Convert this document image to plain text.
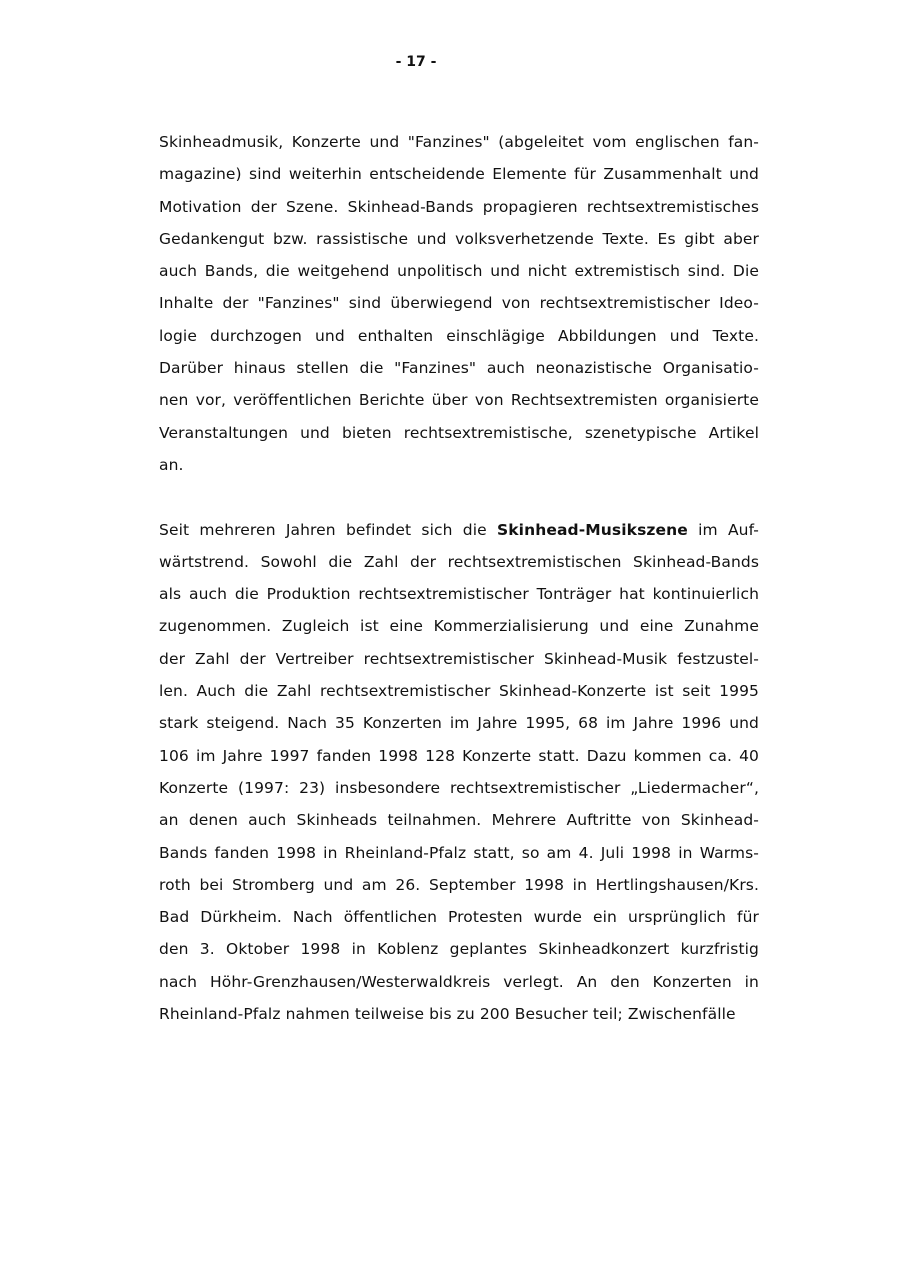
- 17 -
Skinheadmusik, Konzerte und "Fanzines" (abgeleitet vom englischen fan-
magazine) sind weiterhin entscheidende Elemente für Zusammenhalt und
Motivation der Szene. Skinhead-Bands propagieren rechtsextremistisches
Gedankengut bzw. rassistische und volksverhetzende Texte. Es gibt aber
auch Bands, die weitgehend unpolitisch und nicht extremistisch sind. Die
Inhalte der "Fanzines" sind überwiegend von rechtsextremistischer Ideo-
logie durchzogen und enthalten einschlägige Abbildungen und Texte.
Darüber hinaus stellen die "Fanzines" auch neonazistische Organisatio-
nen vor, veröffentlichen Berichte über von Rechtsextremisten organisierte
Veranstaltungen und bieten rechtsextremistische, szenetypische Artikel
an.
Seit mehreren Jahren befindet sich die Skinhead-Musikszene im Auf-
wärtstrend. Sowohl die Zahl der rechtsextremistischen Skinhead-Bands
als auch die Produktion rechtsextremistischer Tonträger hat kontinuierlich
zugenommen. Zugleich ist eine Kommerzialisierung und eine Zunahme
der Zahl der Vertreiber rechtsextremistischer Skinhead-Musik festzustel-
len. Auch die Zahl rechtsextremistischer Skinhead-Konzerte ist seit 1995
stark steigend. Nach 35 Konzerten im Jahre 1995, 68 im Jahre 1996 und
106 im Jahre 1997 fanden 1998 128 Konzerte statt. Dazu kommen ca. 40
Konzerte (1997: 23) insbesondere rechtsextremistischer „Liedermacher“,
an denen auch Skinheads teilnahmen. Mehrere Auftritte von Skinhead-
Bands fanden 1998 in Rheinland-Pfalz statt, so am 4. Juli 1998 in Warms-
roth bei Stromberg und am 26. September 1998 in Hertlingshausen/Krs.
Bad Dürkheim. Nach öffentlichen Protesten wurde ein ursprünglich für
den 3. Oktober 1998 in Koblenz geplantes Skinheadkonzert kurzfristig
nach Höhr-Grenzhausen/Westerwaldkreis verlegt. An den Konzerten in
Rheinland-Pfalz nahmen teilweise bis zu 200 Besucher teil; Zwischenfälle
